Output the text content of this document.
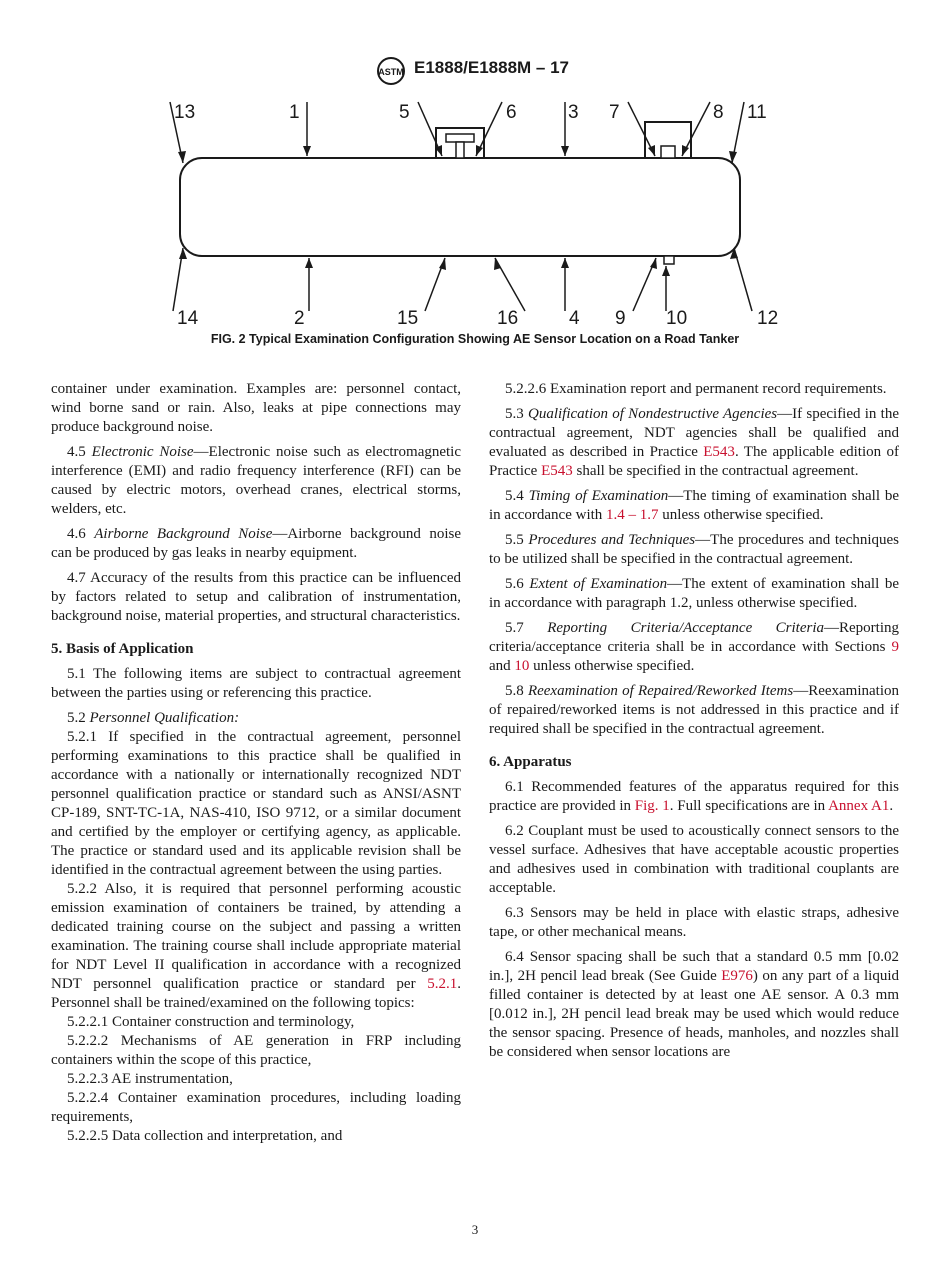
ASTM E1888/E1888M – 17
13	1	5	6	3 7	8 11
14	2	15	16	4 9 10	12
FIG. 2 Typical Examination Configuration Showing AE Sensor Location on a Road Tanker

container under examination. Examples are: personnel contact, wind borne sand or rain. Also, leaks at pipe connections may produce background noise.

4.5 Electronic Noise—Electronic noise such as electromagnetic interference (EMI) and radio frequency interference (RFI) can be caused by electric motors, overhead cranes, electrical storms, welders, etc.

4.6 Airborne Background Noise—Airborne background noise can be produced by gas leaks in nearby equipment.

4.7 Accuracy of the results from this practice can be influenced by factors related to setup and calibration of instrumentation, background noise, material properties, and structural characteristics.

5. Basis of Application

5.1 The following items are subject to contractual agreement between the parties using or referencing this practice.

5.2 Personnel Qualification:

5.2.1 If specified in the contractual agreement, personnel performing examinations to this practice shall be qualified in accordance with a nationally or internationally recognized NDT personnel qualification practice or standard such as ANSI/ASNT CP-189, SNT-TC-1A, NAS-410, ISO 9712, or a similar document and certified by the employer or certifying agency, as applicable. The practice or standard used and its applicable revision shall be identified in the contractual agreement between the using parties.

5.2.2 Also, it is required that personnel performing acoustic emission examination of containers be trained, by attending a dedicated training course on the subject and passing a written examination. The training course shall include appropriate material for NDT Level II qualification in accordance with a recognized NDT personnel qualification practice or standard per 5.2.1. Personnel shall be trained/examined on the following topics:

5.2.2.1 Container construction and terminology,

5.2.2.2 Mechanisms of AE generation in FRP including containers within the scope of this practice,

5.2.2.3 AE instrumentation,

5.2.2.4 Container examination procedures, including loading requirements,

5.2.2.5 Data collection and interpretation, and

5.2.2.6 Examination report and permanent record requirements.

5.3 Qualification of Nondestructive Agencies—If specified in the contractual agreement, NDT agencies shall be qualified and evaluated as described in Practice E543. The applicable edition of Practice E543 shall be specified in the contractual agreement.

5.4 Timing of Examination—The timing of examination shall be in accordance with 1.4 – 1.7 unless otherwise specified.

5.5 Procedures and Techniques—The procedures and techniques to be utilized shall be specified in the contractual agreement.

5.6 Extent of Examination—The extent of examination shall be in accordance with paragraph 1.2, unless otherwise specified.

5.7 Reporting Criteria/Acceptance Criteria—Reporting criteria/acceptance criteria shall be in accordance with Sections 9 and 10 unless otherwise specified.

5.8 Reexamination of Repaired/Reworked Items—Reexamination of repaired/reworked items is not addressed in this practice and if required shall be specified in the contractual agreement.

6. Apparatus

6.1 Recommended features of the apparatus required for this practice are provided in Fig. 1. Full specifications are in Annex A1.

6.2 Couplant must be used to acoustically connect sensors to the vessel surface. Adhesives that have acceptable acoustic properties and adhesives used in combination with traditional couplants are acceptable.

6.3 Sensors may be held in place with elastic straps, adhesive tape, or other mechanical means.

6.4 Sensor spacing shall be such that a standard 0.5 mm [0.02 in.], 2H pencil lead break (See Guide E976) on any part of a liquid filled container is detected by at least one AE sensor. A 0.3 mm [0.012 in.], 2H pencil lead break may be used which would reduce the sensor spacing. Presence of heads, manholes, and nozzles shall be considered when sensor locations are

3
